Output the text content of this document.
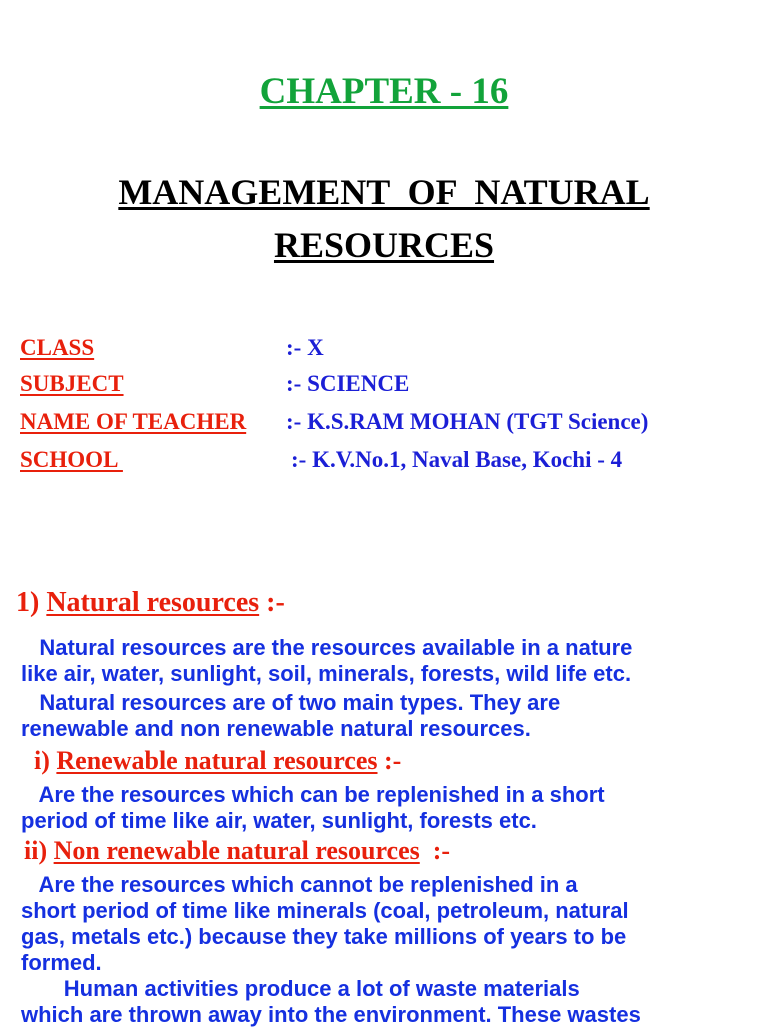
CHAPTER - 16
MANAGEMENT  OF  NATURAL
RESOURCES
CLASS	:- X
SUBJECT	:- SCIENCE
NAME OF TEACHER :- K.S.RAM MOHAN (TGT Science)
SCHOOL	:- K.V.No.1, Naval Base, Kochi - 4
1) Natural resources :-
Natural resources are the resources available in a nature
like air, water, sunlight, soil, minerals, forests, wild life etc.
Natural resources are of two main types. They are
renewable and non renewable natural resources.
i) Renewable natural resources :-
Are the resources which can be replenished in a short
period of time like air, water, sunlight, forests etc.
ii) Non renewable natural resources  :-
Are the resources which cannot be replenished in a
short period of time like minerals (coal, petroleum, natural
gas, metals etc.) because they take millions of years to be
formed.
Human activities produce a lot of waste materials
which are thrown away into the environment. These wastes
